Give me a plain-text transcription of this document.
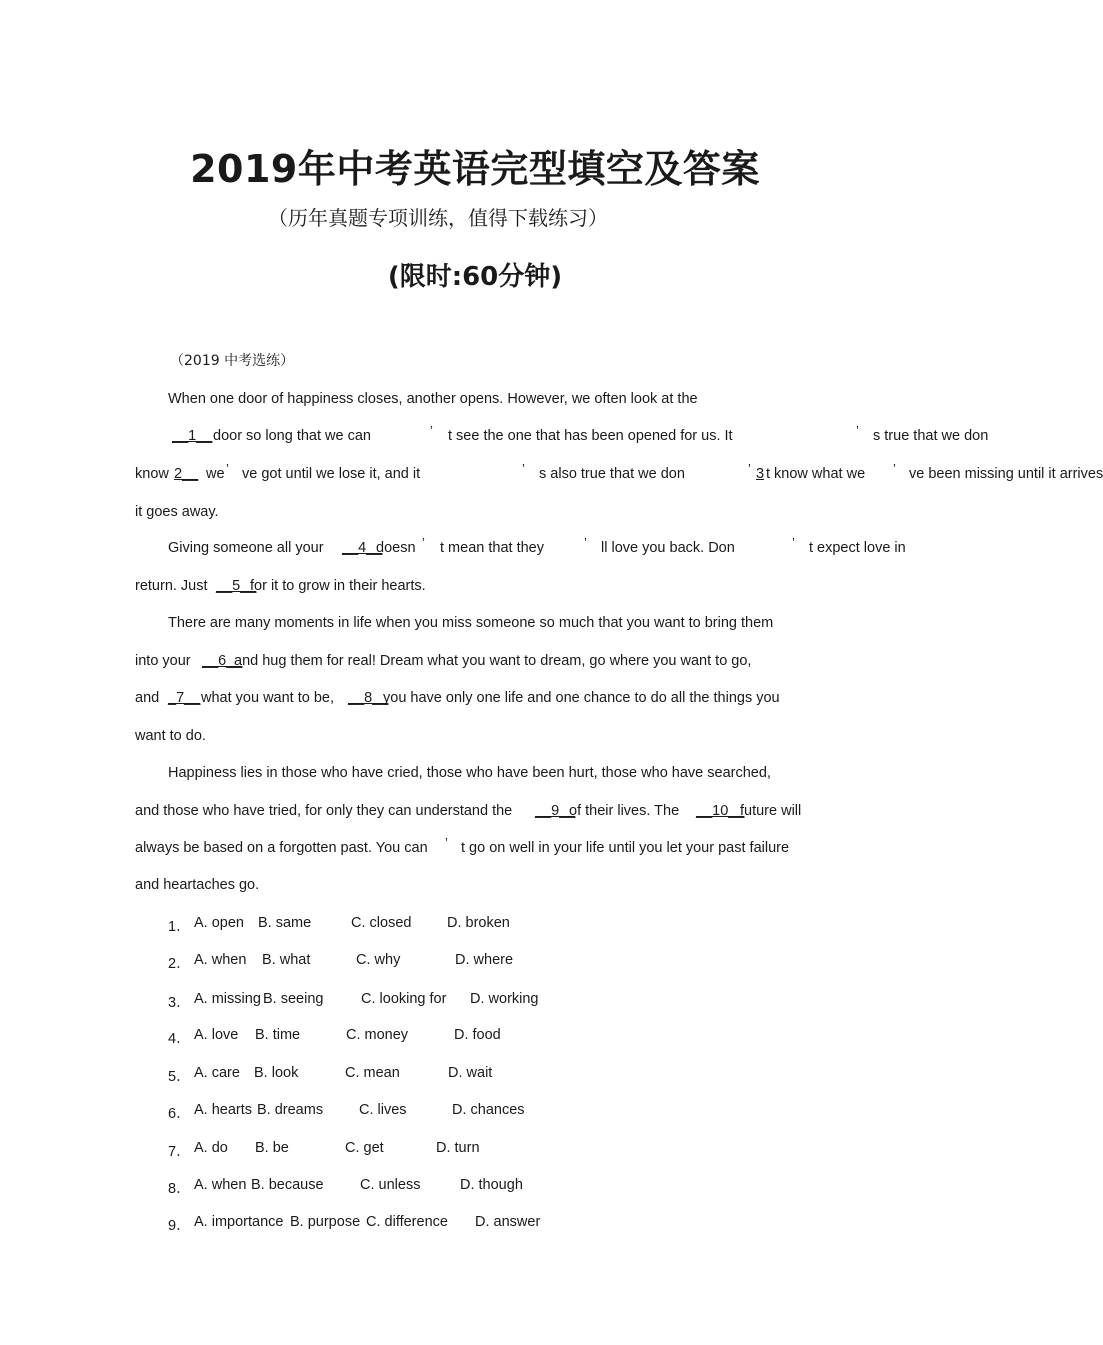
2019年中考英语完型填空及答案
（历年真题专项训练，值得下载练习）
(限时:60分钟)
（2019 中考选练）
When one door of happiness closes, another opens. However, we often look at the
__1__ door so long that we can	’ t see the one that has been opened for us. It	’ s true that we don
know 2__ we ’ ve got until we lose it, and it	’ s also true that we don	’ 3 t know what we ’ ve been missing until it arrives
it goes away.
Giving someone all your __4__
doesn ’ t mean that they	’ ll love you back. Don	’ t expect love in
return. Just __5__
for it to grow in their hearts.
There are many moments in life when you miss someone so much that you want to bring them
into your __6__
and hug them for real! Dream what you want to dream, go where you want to go,
and _7__ what you want to be, __8__
you have only one life and one chance to do all the things you
want to do.
Happiness lies in those who have cried, those who have been hurt, those who have searched,
and those who have tried, for only they can understand the __9__
of their lives. The __10__
future will
always be based on a forgotten past. You can ’ t go on well in your life until you let your past failure
and heartaches go.
1． A. open B. same	C. closed D. broken
2． A. when B. what	C. why	D. where
3． A. missing B. seeing	C. looking for D. working
4． A. love B. time	C. money	D. food
5． A. care B. look	C. mean	D. wait
6． A. hearts B. dreams C. lives	D. chances
7． A. do B. be	C. get	D. turn
8． A. when B. because	C. unless	D. though
9． A. importance B. purpose C. difference D. answer
